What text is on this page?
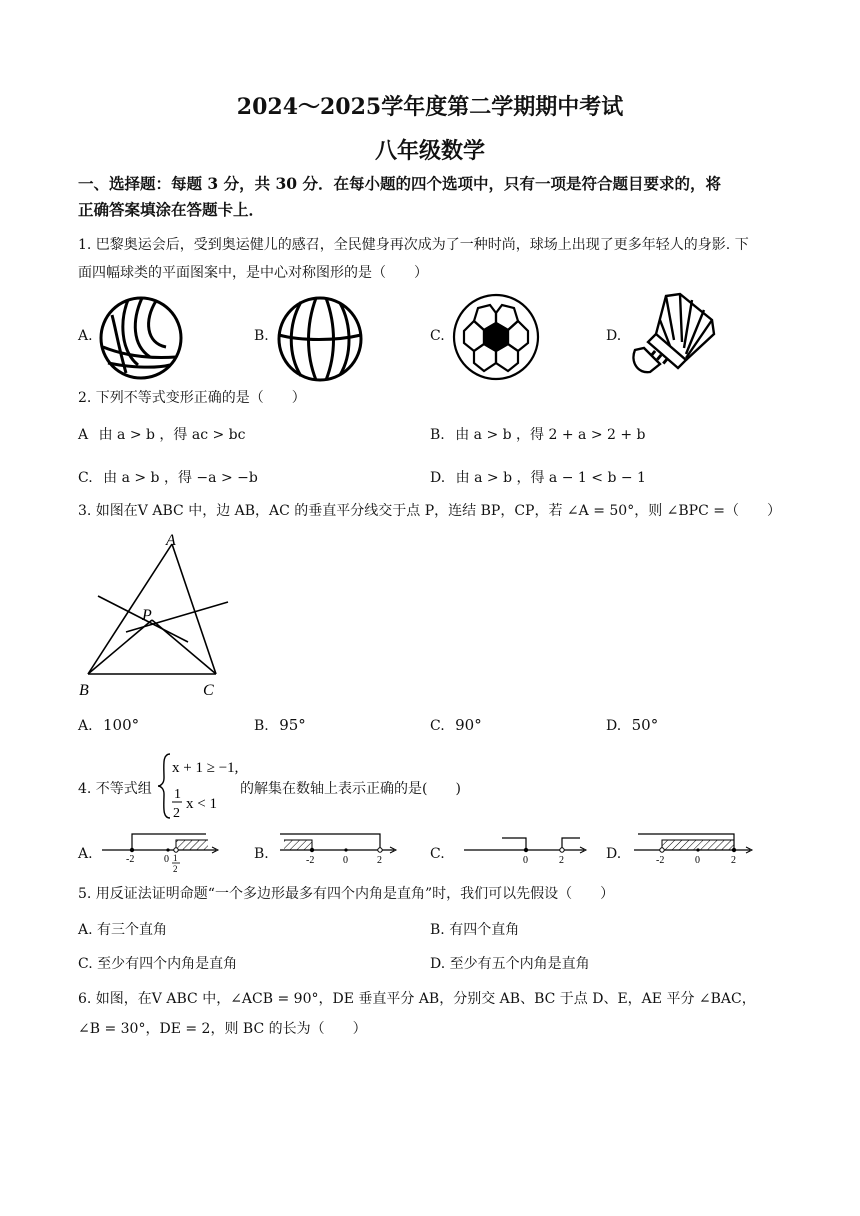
2024～2025学年度第二学期期中考试
八年级数学
一、选择题：每题 3 分，共 30 分．在每小题的四个选项中，只有一项是符合题目要求的，将
正确答案填涂在答题卡上．
1. 巴黎奥运会后，受到奥运健儿的感召，全民健身再次成为了一种时尚，球场上出现了更多年轻人的身影. 下
面四幅球类的平面图案中，是中心对称图形的是（　　）
A.	B.	C.	D.
2. 下列不等式变形正确的是（　　）
A 由 a > b ，得 ac > bc	B. 由 a > b ，得 2 + a > 2 + b
C. 由 a > b ，得 −a > −b	D. 由 a > b ，得 a − 1 < b − 1
3. 如图在V ABC 中，边 AB，AC 的垂直平分线交于点 P，连结 BP，CP，若 ∠A = 50°，则 ∠BPC =（　　）
A
P
B	C
A. 100°	B. 95°	C. 90°	D. 50°
4. 不等式组
x + 1 ≥ −1,
1
2
x < 1
的解集在数轴上表示正确的是(　　)
A.	-2	0 1
2
B.	-2	0	2	C.	0	2	D.	-2	0	2
5. 用反证法证明命题“一个多边形最多有四个内角是直角”时，我们可以先假设（　　）
A. 有三个直角	B. 有四个直角
C. 至少有四个内角是直角	D. 至少有五个内角是直角
6. 如图，在V ABC 中，∠ACB = 90°，DE 垂直平分 AB，分别交 AB、BC 于点 D、E，AE 平分 ∠BAC，
∠B = 30°，DE = 2，则 BC 的长为（　　）
